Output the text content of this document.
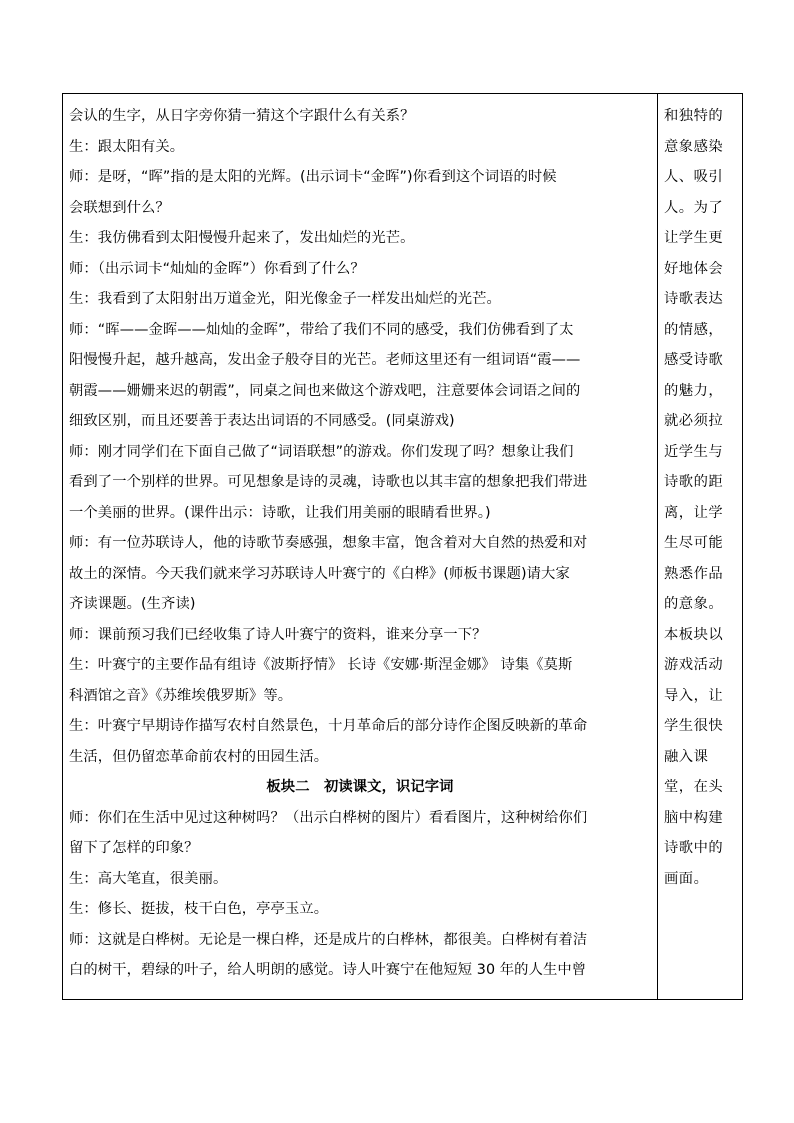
会认的生字，从日字旁你猜一猜这个字跟什么有关系？
生：跟太阳有关。
师：是呀，“晖”指的是太阳的光辉。(出示词卡“金晖”)你看到这个词语的时候
会联想到什么？
生：我仿佛看到太阳慢慢升起来了，发出灿烂的光芒。
师：（出示词卡“灿灿的金晖”）你看到了什么？
生：我看到了太阳射出万道金光，阳光像金子一样发出灿烂的光芒。
师：“晖——金晖——灿灿的金晖”，带给了我们不同的感受，我们仿佛看到了太
阳慢慢升起，越升越高，发出金子般夺目的光芒。老师这里还有一组词语“霞——
朝霞——姗姗来迟的朝霞”，同桌之间也来做这个游戏吧，注意要体会词语之间的
细致区别，而且还要善于表达出词语的不同感受。(同桌游戏)
师：刚才同学们在下面自己做了“词语联想”的游戏。你们发现了吗？想象让我们
看到了一个别样的世界。可见想象是诗的灵魂，诗歌也以其丰富的想象把我们带进
一个美丽的世界。(课件出示：诗歌，让我们用美丽的眼睛看世界。)
师：有一位苏联诗人，他的诗歌节奏感强，想象丰富，饱含着对大自然的热爱和对
故土的深情。今天我们就来学习苏联诗人叶赛宁的《白桦》(师板书课题)请大家
齐读课题。(生齐读)
师：课前预习我们已经收集了诗人叶赛宁的资料，谁来分享一下？
生：叶赛宁的主要作品有组诗《波斯抒情》 长诗《安娜·斯涅金娜》 诗集《莫斯
科酒馆之音》《苏维埃俄罗斯》等。
生：叶赛宁早期诗作描写农村自然景色，十月革命后的部分诗作企图反映新的革命
生活，但仍留恋革命前农村的田园生活。
板块二　初读课文，识记字词
师：你们在生活中见过这种树吗？（出示白桦树的图片）看看图片，这种树给你们
留下了怎样的印象？
生：高大笔直，很美丽。
生：修长、挺拔，枝干白色，亭亭玉立。
师：这就是白桦树。无论是一棵白桦，还是成片的白桦林，都很美。白桦树有着洁
白的树干，碧绿的叶子，给人明朗的感觉。诗人叶赛宁在他短短 30 年的人生中曾
和独特的
意象感染
人、吸引
人。为了
让学生更
好地体会
诗歌表达
的情感，
感受诗歌
的魅力，
就必须拉
近学生与
诗歌的距
离，让学
生尽可能
熟悉作品
的意象。
本板块以
游戏活动
导入，让
学生很快
融入课
堂，在头
脑中构建
诗歌中的
画面。
